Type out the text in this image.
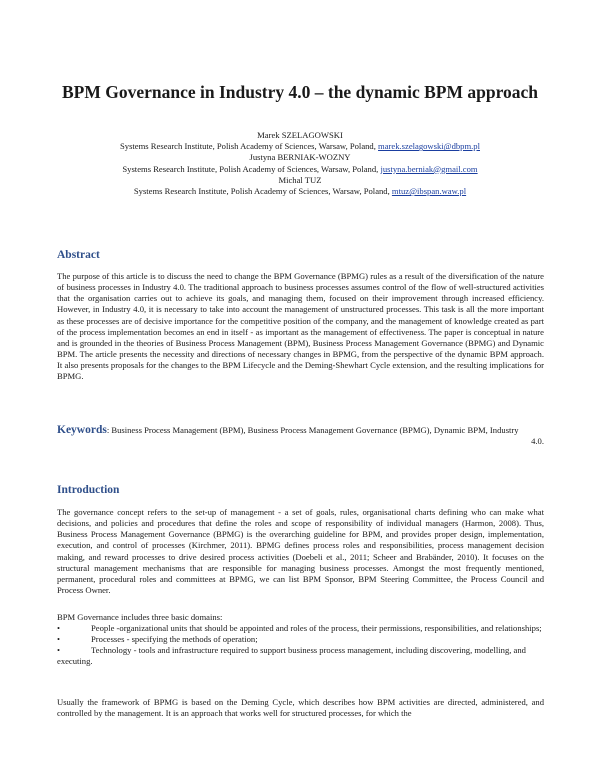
BPM Governance in Industry 4.0 – the dynamic BPM approach
Marek SZELAGOWSKI
Systems Research Institute, Polish Academy of Sciences, Warsaw, Poland, marek.szelagowski@dbpm.pl
Justyna BERNIAK-WOZNY
Systems Research Institute, Polish Academy of Sciences, Warsaw, Poland, justyna.berniak@gmail.com
Michal TUZ
Systems Research Institute, Polish Academy of Sciences, Warsaw, Poland, mtuz@ibspan.waw.pl
Abstract
The purpose of this article is to discuss the need to change the BPM Governance (BPMG) rules as a result of the diversification of the nature of business processes in Industry 4.0. The traditional approach to business processes assumes control of the flow of well-structured activities that the organisation carries out to achieve its goals, and managing them, focused on their improvement through increased efficiency. However, in Industry 4.0, it is necessary to take into account the management of unstructured processes. This task is all the more important as these processes are of decisive importance for the competitive position of the company, and the management of knowledge created as part of the process implementation becomes an end in itself - as important as the management of effectiveness. The paper is conceptual in nature and is grounded in the theories of Business Process Management (BPM), Business Process Management Governance (BPMG) and Dynamic BPM. The article presents the necessity and directions of necessary changes in BPMG, from the perspective of the dynamic BPM approach. It also presents proposals for the changes to the BPM Lifecycle and the Deming-Shewhart Cycle extension, and the resulting implications for BPMG.
Keywords: Business Process Management (BPM), Business Process Management Governance (BPMG), Dynamic BPM, Industry
4.0.
Introduction
The governance concept refers to the set-up of management - a set of goals, rules, organisational charts defining who can make what decisions, and policies and procedures that define the roles and scope of responsibility of individual managers (Harmon, 2008). Thus, Business Process Management Governance (BPMG) is the overarching guideline for BPM, and provides proper design, implementation, execution, and control of processes (Kirchmer, 2011). BPMG defines process roles and responsibilities, process management decision making, and reward processes to drive desired process activities (Doebeli et al., 2011; Scheer and Brabänder, 2010). It focuses on the structural management mechanisms that are responsible for managing business processes. Amongst the most frequently mentioned, permanent, procedural roles and committees at BPMG, we can list BPM Sponsor, BPM Steering Committee, the Process Council and Process Owner.
BPM Governance includes three basic domains:
•	People -organizational units that should be appointed and roles of the process, their permissions, responsibilities, and relationships;
•	Processes - specifying the methods of operation;
•	Technology - tools and infrastructure required to support business process management, including discovering, modelling, and executing.
Usually the framework of BPMG is based on the Deming Cycle, which describes how BPM activities are directed, administered, and controlled by the management. It is an approach that works well for structured processes, for which the
